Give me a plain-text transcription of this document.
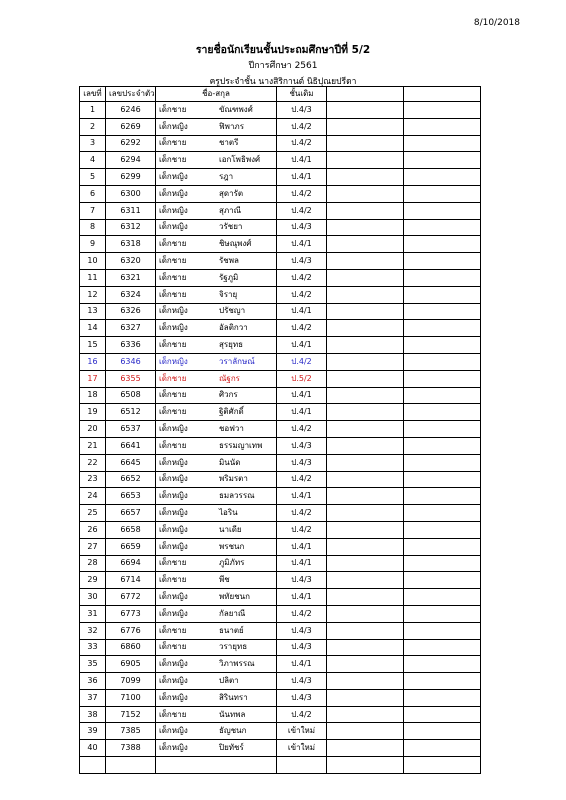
8/10/2018
รายชื่อนักเรียนชั้นประถมศึกษาปีที่ 5/2
ปีการศึกษา 2561
ครูประจำชั้น นางสิริกานต์ นิธิปุณยปรีดา
เลขที่	เลขประจำตัว	ชื่อ-สกุล		ชั้นเดิม		
1	6246	เด็กชาย	ขัณฑพงศ์	ป.4/3		
2	6269	เด็กหญิง	ฟิพาภร	ป.4/2		
3	6292	เด็กชาย	ชาตรี	ป.4/2		
4	6294	เด็กชาย	เอกโพธิพงศ์	ป.4/1		
5	6299	เด็กหญิง	รฎา	ป.4/1		
6	6300	เด็กหญิง	สุดารัต	ป.4/2		
7	6311	เด็กหญิง	สุภาณี	ป.4/2		
8	6312	เด็กหญิง	วรัชยา	ป.4/3		
9	6318	เด็กชาย	ชิษณุพงศ์	ป.4/1		
10	6320	เด็กชาย	รัชพล	ป.4/3		
11	6321	เด็กชาย	รัฐภูมิ	ป.4/2		
12	6324	เด็กชาย	จิรายุ	ป.4/2		
13	6326	เด็กหญิง	ปรัชญา	ป.4/1		
14	6327	เด็กหญิง	อัลติกวา	ป.4/2		
15	6336	เด็กชาย	สุรยุทธ	ป.4/1		
16	6346	เด็กหญิง	วราลักษณ์	ป.4/2		
17	6355	เด็กชาย	ณัฐกร	ป.5/2		
18	6508	เด็กชาย	ศิวกร	ป.4/1		
19	6512	เด็กชาย	ฐิติศักดิ์	ป.4/1		
20	6537	เด็กหญิง	ชอฟวา	ป.4/2		
21	6641	เด็กชาย	ธรรมญาเทพ	ป.4/3		
22	6645	เด็กหญิง	มินนัด	ป.4/3		
23	6652	เด็กหญิง	พริมรตา	ป.4/2		
24	6653	เด็กหญิง	ธมลวรรณ	ป.4/1		
25	6657	เด็กหญิง	ไอริน	ป.4/2		
26	6658	เด็กหญิง	นาเดีย	ป.4/2		
27	6659	เด็กหญิง	พรชนก	ป.4/1		
28	6694	เด็กชาย	ภูมิภัทร	ป.4/1		
29	6714	เด็กชาย	พีช	ป.4/3		
30	6772	เด็กหญิง	พทัยชนก	ป.4/1		
31	6773	เด็กหญิง	กัลยาณี	ป.4/2		
32	6776	เด็กชาย	ธนาตย์	ป.4/3		
33	6860	เด็กชาย	วรายุทธ	ป.4/3		
35	6905	เด็กหญิง	วิภาพรรณ	ป.4/1		
36	7099	เด็กหญิง	ปลิตา	ป.4/3		
37	7100	เด็กหญิง	สิรินทรา	ป.4/3		
38	7152	เด็กชาย	นันทพล	ป.4/2		
39	7385	เด็กหญิง	ธัญชนก	เข้าใหม่		
40	7388	เด็กหญิง	ปิยทัชร์	เข้าใหม่		
